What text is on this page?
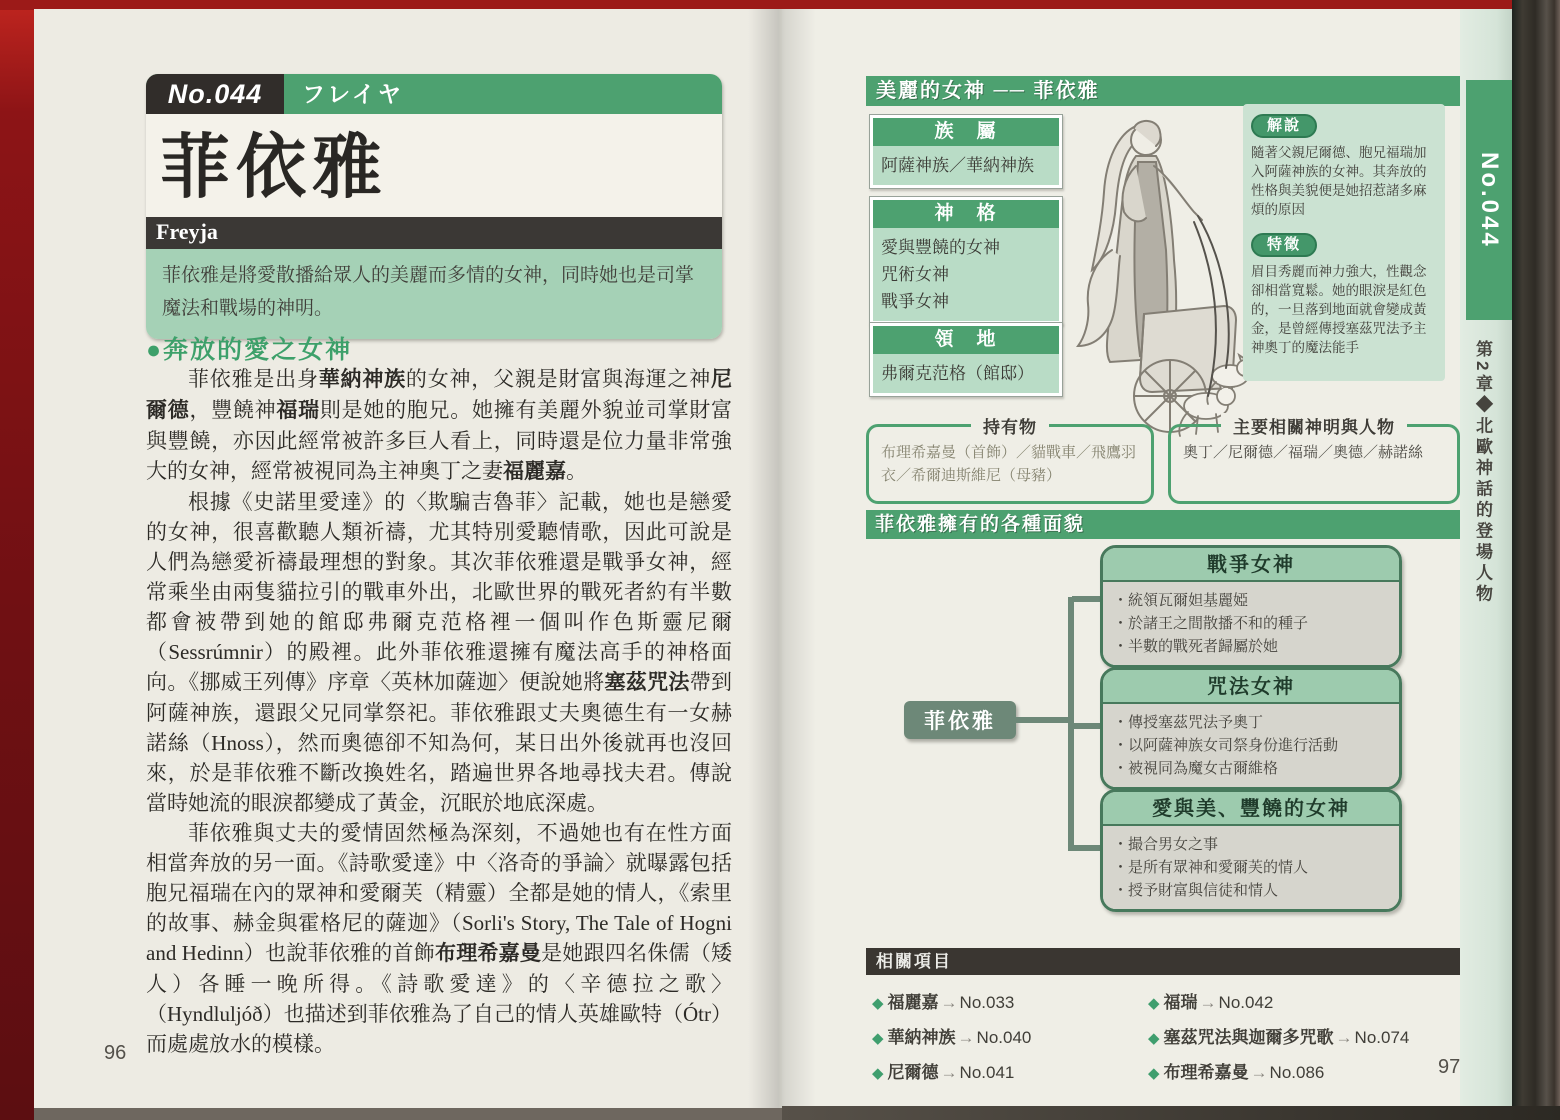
No.044	フレイヤ
菲依雅
Freyja
菲依雅是將愛散播給眾人的美麗而多情的女神，同時她也是司掌魔法和戰場的神明。
●奔放的愛之女神

菲依雅是出身華納神族的女神，父親是財富與海運之神尼爾德，豐饒神福瑞則是她的胞兄。她擁有美麗外貌並司掌財富與豐饒，亦因此經常被許多巨人看上，同時還是位力量非常強大的女神，經常被視同為主神奧丁之妻福麗嘉。

根據《史諾里愛達》的〈欺騙吉魯菲〉記載，她也是戀愛的女神，很喜歡聽人類祈禱，尤其特別愛聽情歌，因此可說是人們為戀愛祈禱最理想的對象。其次菲依雅還是戰爭女神，經常乘坐由兩隻貓拉引的戰車外出，北歐世界的戰死者約有半數都會被帶到她的館邸弗爾克范格裡一個叫作色斯靈尼爾（Sessrúmnir）的殿裡。此外菲依雅還擁有魔法高手的神格面向。《挪威王列傳》序章〈英林加薩迦〉便說她將塞茲咒法帶到阿薩神族，還跟父兄同掌祭祀。菲依雅跟丈夫奧德生有一女赫諾絲（Hnoss），然而奧德卻不知為何，某日出外後就再也沒回來，於是菲依雅不斷改換姓名，踏遍世界各地尋找夫君。傳說當時她流的眼淚都變成了黃金，沉眠於地底深處。

菲依雅與丈夫的愛情固然極為深刻，不過她也有在性方面相當奔放的另一面。《詩歌愛達》中〈洛奇的爭論〉就曝露包括胞兄福瑞在內的眾神和愛爾芙（精靈）全都是她的情人，《索里的故事、赫金與霍格尼的薩迦》（Sorli's Story, The Tale of Hogni and Hedinn）也說菲依雅的首飾布理希嘉曼是她跟四名侏儒（矮人）各睡一晚所得。《詩歌愛達》的〈辛德拉之歌〉（Hyndluljóð）也描述到菲依雅為了自己的情人英雄歐特（Ótr）而處處放水的模樣。

96
美麗的女神 ── 菲依雅
族　屬
阿薩神族／華納神族
神　格
愛與豐饒的女神
咒術女神
戰爭女神
領　地
弗爾克范格（館邸）
解說
隨著父親尼爾德、胞兄福瑞加入阿薩神族的女神。其奔放的性格與美貌便是她招惹諸多麻煩的原因
特徵
眉目秀麗而神力強大，性觀念卻相當寬鬆。她的眼淚是紅色的，一旦落到地面就會變成黃金，是曾經傳授塞茲咒法予主神奧丁的魔法能手
持有物
布理希嘉曼（首飾）／貓戰車／飛鷹羽衣／希爾迪斯維尼（母豬）
主要相關神明與人物
奧丁／尼爾德／福瑞／奧德／赫諾絲
菲依雅擁有的各種面貌
菲依雅
戰爭女神
・統領瓦爾妲基麗婭
・於諸王之間散播不和的種子
・半數的戰死者歸屬於她
咒法女神
・傳授塞茲咒法予奧丁
・以阿薩神族女司祭身份進行活動
・被視同為魔女古爾維格
愛與美、豐饒的女神
・撮合男女之事
・是所有眾神和愛爾芙的情人
・授予財富與信徒和情人
相關項目
◆ 福麗嘉 → No.033
◆ 華納神族 → No.040
◆ 尼爾德 → No.041
◆ 福瑞 → No.042
◆ 塞茲咒法與迦爾多咒歌 → No.074
◆ 布理希嘉曼 → No.086	97
No.044
第2章◆北歐神話的登場人物
